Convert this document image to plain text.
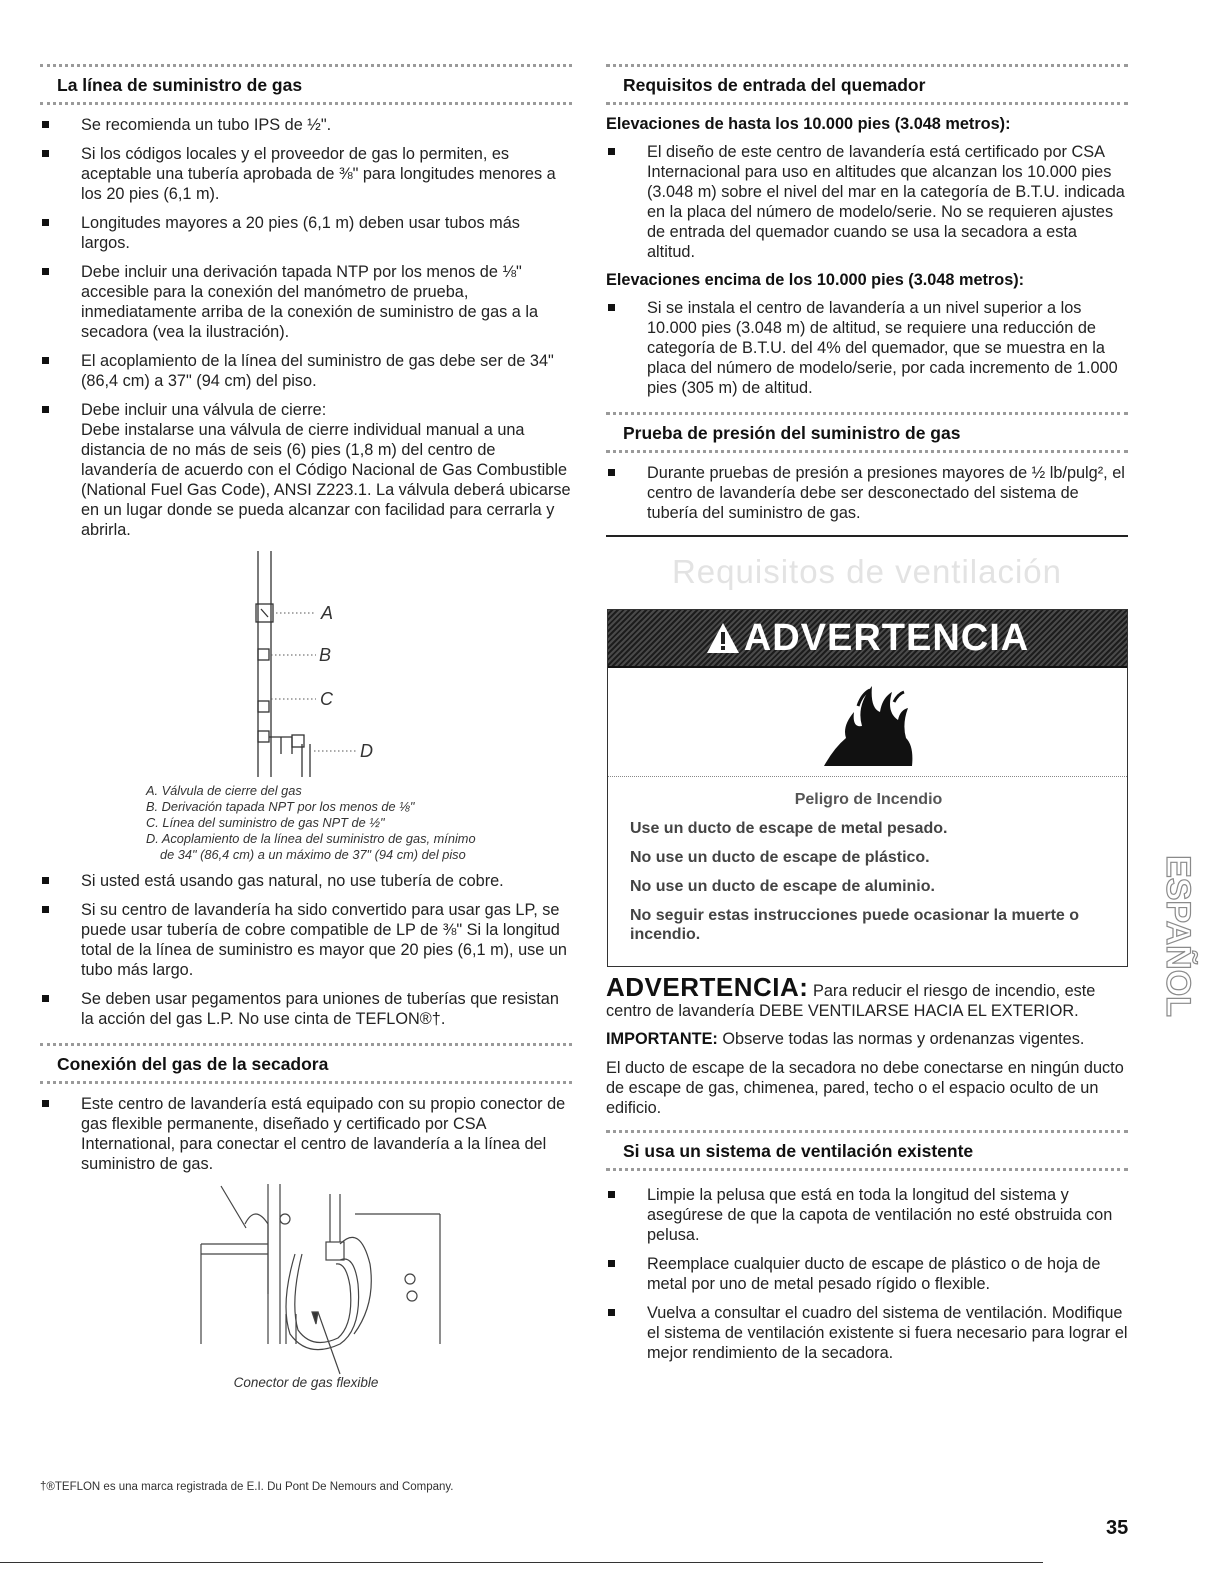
La línea de suministro de gas
Se recomienda un tubo IPS de ½".
Si los códigos locales y el proveedor de gas lo permiten, es aceptable una tubería aprobada de ⅜" para longitudes menores a los 20 pies (6,1 m).
Longitudes mayores a 20 pies (6,1 m) deben usar tubos más largos.
Debe incluir una derivación tapada NTP por los menos de ⅛" accesible para la conexión del manómetro de prueba, inmediatamente arriba de la conexión de suministro de gas a la secadora (vea la ilustración).
El acoplamiento de la línea del suministro de gas debe ser de 34" (86,4 cm) a 37" (94 cm) del piso.
Debe incluir una válvula de cierre:
Debe instalarse una válvula de cierre individual manual a una distancia de no más de seis (6) pies (1,8 m) del centro de lavandería de acuerdo con el Código Nacional de Gas Combustible (National Fuel Gas Code), ANSI Z223.1. La válvula deberá ubicarse en un lugar donde se pueda alcanzar con facilidad para cerrarla y abrirla.
A
B
C
D
A. Válvula de cierre del gas
B. Derivación tapada NPT por los menos de ⅛"
C. Línea del suministro de gas NPT de ½"
D. Acoplamiento de la línea del suministro de gas, mínimo
de 34" (86,4 cm) a un máximo de 37" (94 cm) del piso
Si usted está usando gas natural, no use tubería de cobre.
Si su centro de lavandería ha sido convertido para usar gas LP, se puede usar tubería de cobre compatible de LP de ⅜" Si la longitud total de la línea de suministro es mayor que 20 pies (6,1 m), use un tubo más largo.
Se deben usar pegamentos para uniones de tuberías que resistan la acción del gas L.P. No use cinta de TEFLON®†.
Conexión del gas de la secadora
Este centro de lavandería está equipado con su propio conector de gas flexible permanente, diseñado y certificado por CSA International, para conectar el centro de lavandería a la línea del suministro de gas.
Conector de gas flexible
Requisitos de entrada del quemador
Elevaciones de hasta los 10.000 pies (3.048 metros):
El diseño de este centro de lavandería está certificado por CSA Internacional para uso en altitudes que alcanzan los 10.000 pies (3.048 m) sobre el nivel del mar en la categoría de B.T.U. indicada en la placa del número de modelo/serie. No se requieren ajustes de entrada del quemador cuando se usa la secadora a esta altitud.
Elevaciones encima de los 10.000 pies (3.048 metros):
Si se instala el centro de lavandería a un nivel superior a los 10.000 pies (3.048 m) de altitud, se requiere una reducción de categoría de B.T.U. del 4% del quemador, que se muestra en la placa del número de modelo/serie, por cada incremento de 1.000 pies (305 m) de altitud.
Prueba de presión del suministro de gas
Durante pruebas de presión a presiones mayores de ½ lb/pulg², el centro de lavandería debe ser desconectado del sistema de tubería del suministro de gas.
Requisitos de ventilación
ADVERTENCIA
Peligro de Incendio

Use un ducto de escape de metal pesado.

No use un ducto de escape de plástico.

No use un ducto de escape de aluminio.

No seguir estas instrucciones puede ocasionar la muerte o incendio.

ADVERTENCIA: Para reducir el riesgo de incendio, este centro de lavandería DEBE VENTILARSE HACIA EL EXTERIOR.
IMPORTANTE: Observe todas las normas y ordenanzas vigentes.
El ducto de escape de la secadora no debe conectarse en ningún ducto de escape de gas, chimenea, pared, techo o el espacio oculto de un edificio.
Si usa un sistema de ventilación existente
Limpie la pelusa que está en toda la longitud del sistema y asegúrese de que la capota de ventilación no esté obstruida con pelusa.
Reemplace cualquier ducto de escape de plástico o de hoja de metal por uno de metal pesado rígido o flexible.
Vuelva a consultar el cuadro del sistema de ventilación. Modifique el sistema de ventilación existente si fuera necesario para lograr el mejor rendimiento de la secadora.
ESPAÑOL
†®TEFLON es una marca registrada de E.I. Du Pont De Nemours and Company.
35
